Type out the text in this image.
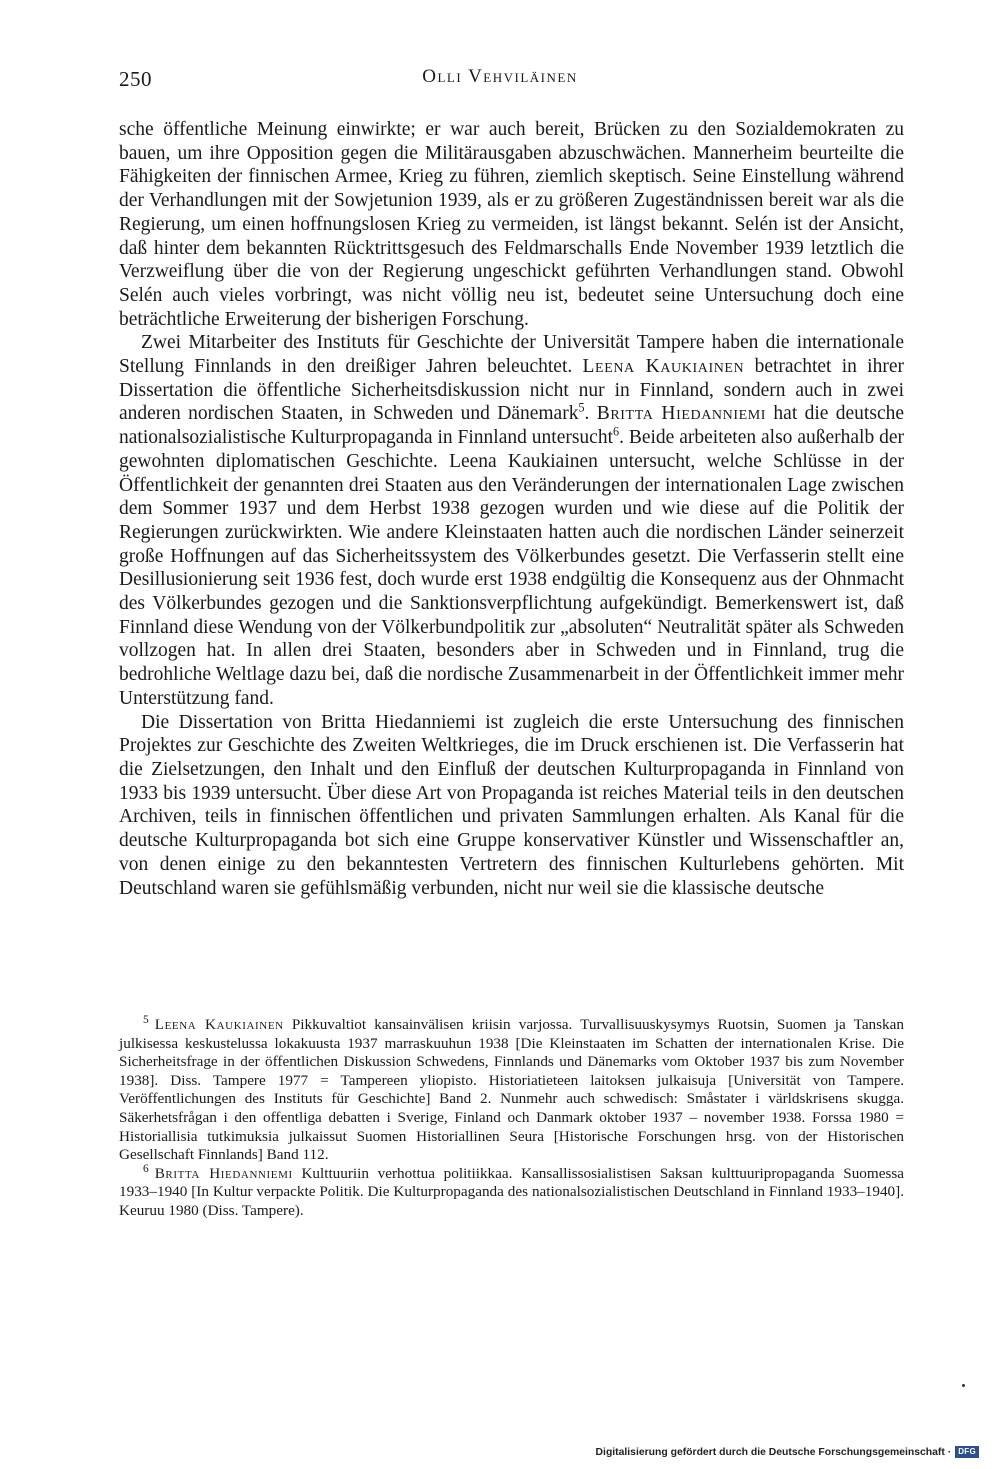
250	Olli Vehviläinen

sche öffentliche Meinung einwirkte; er war auch bereit, Brücken zu den Sozialdemokraten zu bauen, um ihre Opposition gegen die Militärausgaben abzuschwächen. Mannerheim beurteilte die Fähigkeiten der finnischen Armee, Krieg zu führen, ziemlich skeptisch. Seine Einstellung während der Verhandlungen mit der Sowjetunion 1939, als er zu größeren Zugeständnissen bereit war als die Regierung, um einen hoffnungslosen Krieg zu vermeiden, ist längst bekannt. Selén ist der Ansicht, daß hinter dem bekannten Rücktrittsgesuch des Feldmarschalls Ende November 1939 letztlich die Verzweiflung über die von der Regierung ungeschickt geführten Verhandlungen stand. Obwohl Selén auch vieles vorbringt, was nicht völlig neu ist, bedeutet seine Untersuchung doch eine beträchtliche Erweiterung der bisherigen Forschung.

Zwei Mitarbeiter des Instituts für Geschichte der Universität Tampere haben die internationale Stellung Finnlands in den dreißiger Jahren beleuchtet. Leena Kaukiainen betrachtet in ihrer Dissertation die öffentliche Sicherheitsdiskussion nicht nur in Finnland, sondern auch in zwei anderen nordischen Staaten, in Schweden und Dänemark$^5$. Britta Hiedanniemi hat die deutsche nationalsozialistische Kulturpropaganda in Finnland untersucht$^6$. Beide arbeiteten also außerhalb der gewohnten diplomatischen Geschichte. Leena Kaukiainen untersucht, welche Schlüsse in der Öffentlichkeit der genannten drei Staaten aus den Veränderungen der internationalen Lage zwischen dem Sommer 1937 und dem Herbst 1938 gezogen wurden und wie diese auf die Politik der Regierungen zurückwirkten. Wie andere Kleinstaaten hatten auch die nordischen Länder seinerzeit große Hoffnungen auf das Sicherheitssystem des Völkerbundes gesetzt. Die Verfasserin stellt eine Desillusionierung seit 1936 fest, doch wurde erst 1938 endgültig die Konsequenz aus der Ohnmacht des Völkerbundes gezogen und die Sanktionsverpflichtung aufgekündigt. Bemerkenswert ist, daß Finnland diese Wendung von der Völkerbundpolitik zur „absoluten“ Neutralität später als Schweden vollzogen hat. In allen drei Staaten, besonders aber in Schweden und in Finnland, trug die bedrohliche Weltlage dazu bei, daß die nordische Zusammenarbeit in der Öffentlichkeit immer mehr Unterstützung fand.

Die Dissertation von Britta Hiedanniemi ist zugleich die erste Untersuchung des finnischen Projektes zur Geschichte des Zweiten Weltkrieges, die im Druck erschienen ist. Die Verfasserin hat die Zielsetzungen, den Inhalt und den Einfluß der deutschen Kulturpropaganda in Finnland von 1933 bis 1939 untersucht. Über diese Art von Propaganda ist reiches Material teils in den deutschen Archiven, teils in finnischen öffentlichen und privaten Sammlungen erhalten. Als Kanal für die deutsche Kulturpropaganda bot sich eine Gruppe konservativer Künstler und Wissenschaftler an, von denen einige zu den bekanntesten Vertretern des finnischen Kulturlebens gehörten. Mit Deutschland waren sie gefühlsmäßig verbunden, nicht nur weil sie die klassische deutsche

$^5$ Leena Kaukiainen Pikkuvaltiot kansainvälisen kriisin varjossa. Turvallisuuskysymys Ruotsin, Suomen ja Tanskan julkisessa keskustelussa lokakuusta 1937 marraskuuhun 1938 [Die Kleinstaaten im Schatten der internationalen Krise. Die Sicherheitsfrage in der öffentlichen Diskussion Schwedens, Finnlands und Dänemarks vom Oktober 1937 bis zum November 1938]. Diss. Tampere 1977 = Tampereen yliopisto. Historiatieteen laitoksen julkaisuja [Universität von Tampere. Veröffentlichungen des Instituts für Geschichte] Band 2. Nunmehr auch schwedisch: Småstater i världskrisens skugga. Säkerhetsfrågan i den offentliga debatten i Sverige, Finland och Danmark oktober 1937 – november 1938. Forssa 1980 = Historiallisia tutkimuksia julkaissut Suomen Historiallinen Seura [Historische Forschungen hrsg. von der Historischen Gesellschaft Finnlands] Band 112.

$^6$ Britta Hiedanniemi Kulttuuriin verhottua politiikkaa. Kansallissosialistisen Saksan kulttuuripropaganda Suomessa 1933–1940 [In Kultur verpackte Politik. Die Kulturpropaganda des nationalsozialistischen Deutschland in Finnland 1933–1940]. Keuruu 1980 (Diss. Tampere).

Digitalisierung gefördert durch die Deutsche Forschungsgemeinschaft · DFG
